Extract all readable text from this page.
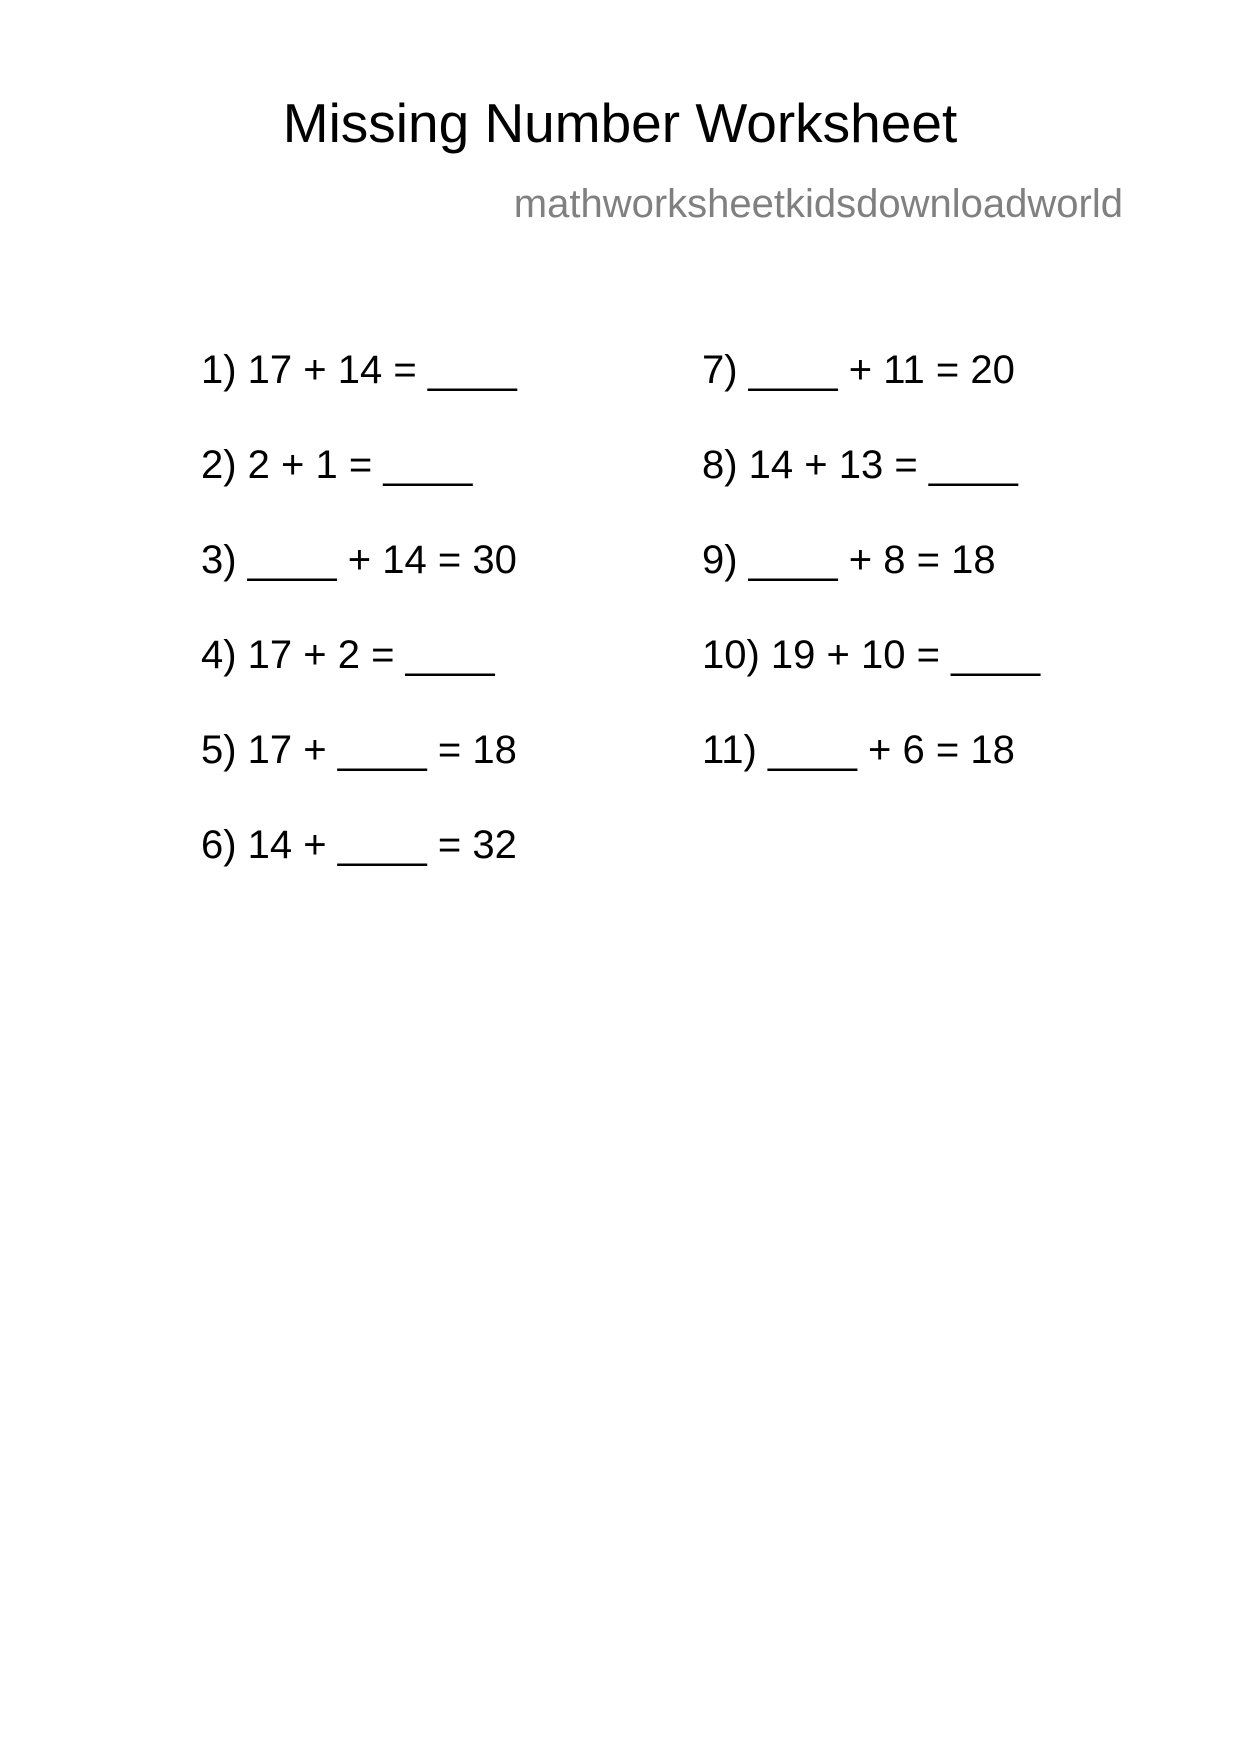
Missing Number Worksheet
mathworksheetkidsdownloadworld
1) 17 + 14 = ____
2) 2 + 1 = ____
3) ____ + 14 = 30
4) 17 + 2 = ____
5) 17 + ____ = 18
6) 14 + ____ = 32
7) ____ + 11 = 20
8) 14 + 13 = ____
9) ____ + 8 = 18
10) 19 + 10 = ____
11) ____ + 6 = 18
